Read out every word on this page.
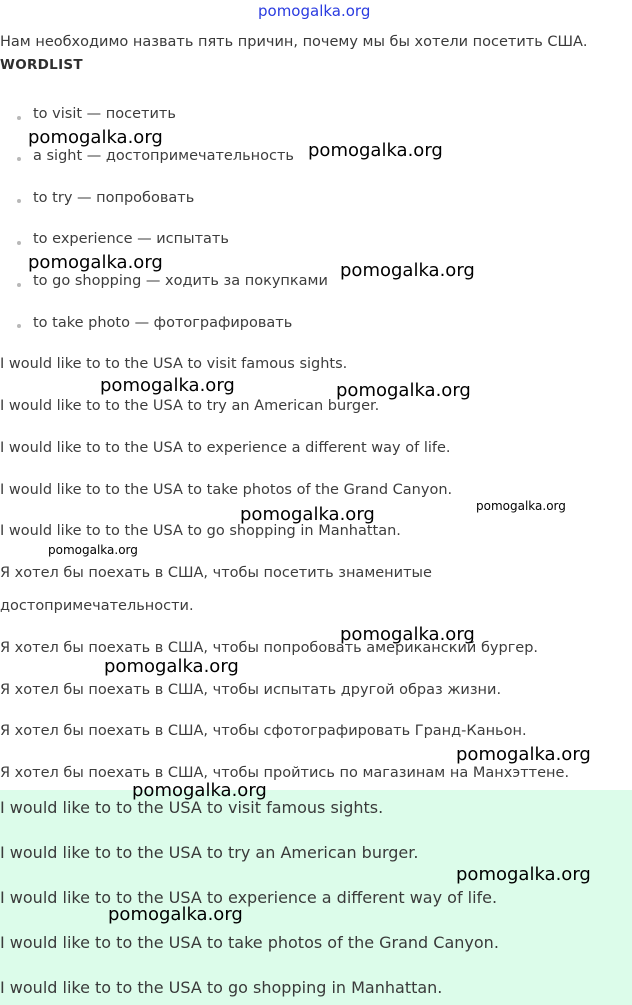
pomogalka.org
Нам необходимо назвать пять причин, почему мы бы хотели посетить США.
WORDLIST
to visit — посетить
a sight — достопримечательность
to try — попробовать
to experience — испытать
to go shopping — ходить за покупками
to take photo — фотографировать
I would like to to the USA to visit famous sights.
I would like to to the USA to try an American burger.
I would like to to the USA to experience a different way of life.
I would like to to the USA to take photos of the Grand Canyon.
I would like to to the USA to go shopping in Manhattan.
Я хотел бы поехать в США, чтобы посетить знаменитые
достопримечательности.
Я хотел бы поехать в США, чтобы попробовать американский бургер.
Я хотел бы поехать в США, чтобы испытать другой образ жизни.
Я хотел бы поехать в США, чтобы сфотографировать Гранд-Каньон.
Я хотел бы поехать в США, чтобы пройтись по магазинам на Манхэттене.
I would like to to the USA to visit famous sights.
I would like to to the USA to try an American burger.
I would like to to the USA to experience a different way of life.
I would like to to the USA to take photos of the Grand Canyon.
I would like to to the USA to go shopping in Manhattan.
pomogalka.org
pomogalka.org
pomogalka.org	pomogalka.org
pomogalka.org	pomogalka.org
pomogalka.org	pomogalka.org
pomogalka.org
pomogalka.org
pomogalka.org
pomogalka.org
pomogalka.org
pomogalka.org
pomogalka.org
